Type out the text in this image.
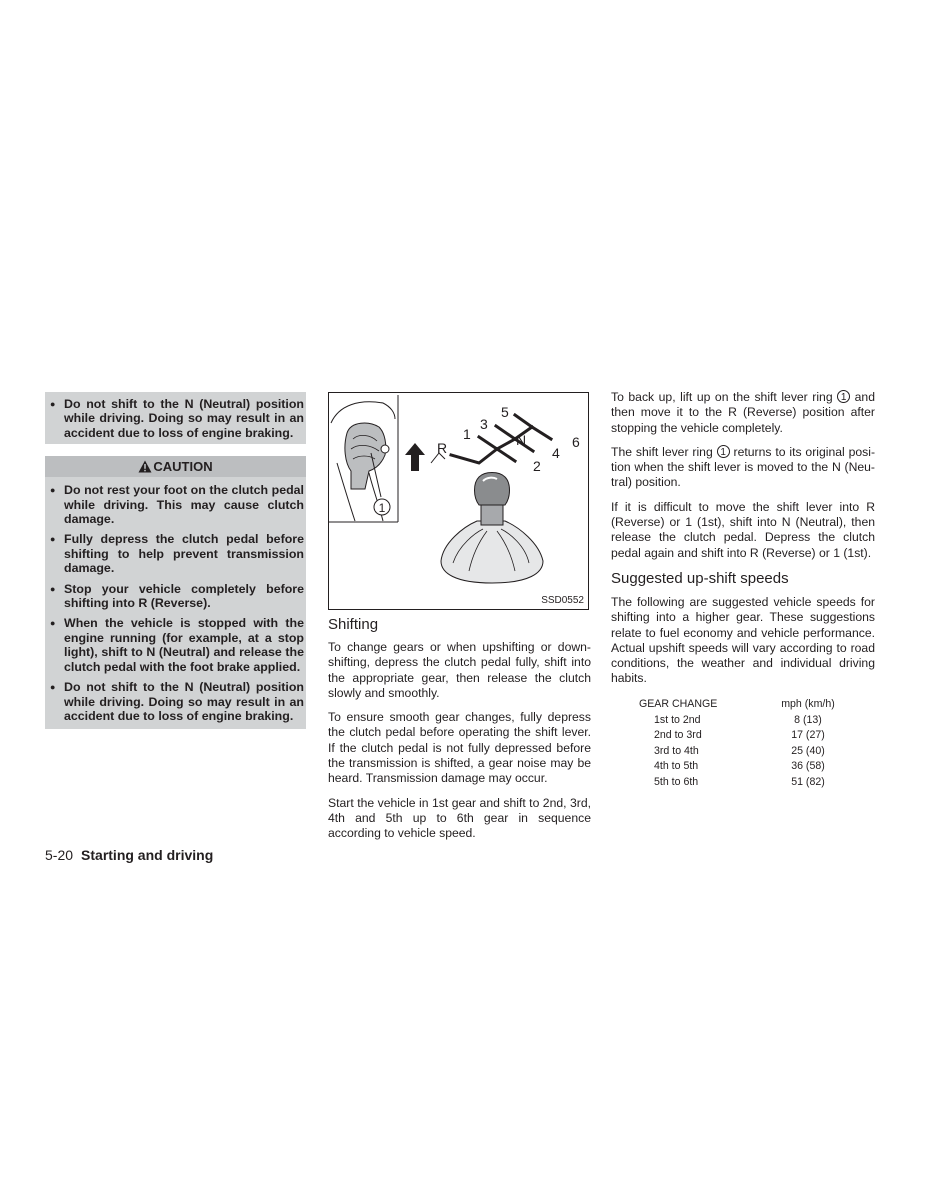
● Do not shift to the N (Neutral) position while driving. Doing so may result in an accident due to loss of engine braking.
CAUTION
● Do not rest your foot on the clutch pedal while driving. This may cause clutch damage.
● Fully depress the clutch pedal before shifting to help prevent transmission damage.
● Stop your vehicle completely before shifting into R (Reverse).
● When the vehicle is stopped with the engine running (for example, at a stop light), shift to N (Neutral) and release the clutch pedal with the foot brake applied.
● Do not shift to the N (Neutral) position while driving. Doing so may result in an accident due to loss of engine braking.
1
R
1
3
5
N
2
4
6
SSD0552
Shifting

To change gears or when upshifting or down-shifting, depress the clutch pedal fully, shift into the appropriate gear, then release the clutch slowly and smoothly.

To ensure smooth gear changes, fully depress the clutch pedal before operating the shift lever. If the clutch pedal is not fully depressed before the transmission is shifted, a gear noise may be heard. Transmission damage may occur.

Start the vehicle in 1st gear and shift to 2nd, 3rd, 4th and 5th up to 6th gear in sequence according to vehicle speed.

To back up, lift up on the shift lever ring 1 and then move it to the R (Reverse) position after stopping the vehicle completely.

The shift lever ring 1 returns to its original posi-tion when the shift lever is moved to the N (Neu-tral) position.

If it is difficult to move the shift lever into R (Reverse) or 1 (1st), shift into N (Neutral), then release the clutch pedal. Depress the clutch pedal again and shift into R (Reverse) or 1 (1st).

Suggested up-shift speeds

The following are suggested vehicle speeds for shifting into a higher gear. These suggestions relate to fuel economy and vehicle performance. Actual upshift speeds will vary according to road conditions, the weather and individual driving habits.

GEAR CHANGE	mph (km/h)
1st to 2nd	8 (13)
2nd to 3rd	17 (27)
3rd to 4th	25 (40)
4th to 5th	36 (58)
5th to 6th	51 (82)
5-20 Starting and driving
